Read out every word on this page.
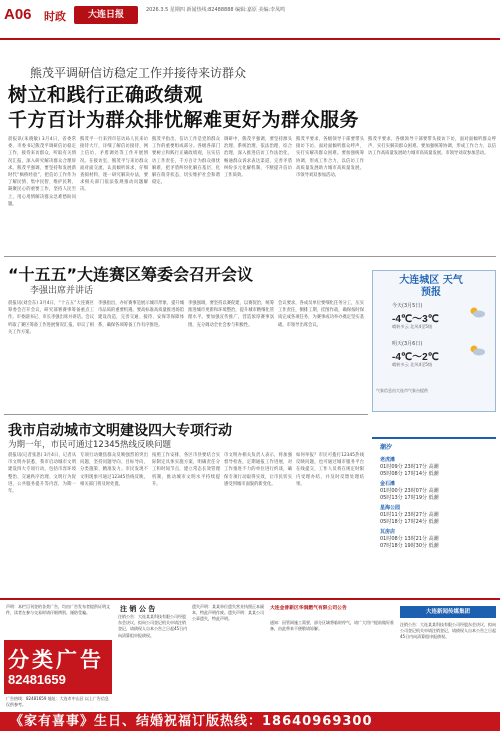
A06 时政	大连日报	2026.3.5 星期四 新闻热线:82488888 编辑:嘉原 美编:李凤鸣
熊茂平调研信访稳定工作并接待来访群众
树立和践行正确政绩观
千方百计为群众排忧解难更好为群众服务
晨报讯(朱晓敏) 3月4日，省委常委、市委书记熊茂平调研信访稳定工作，接待来访群众，听取有关情况汇报，深入研究解决群众合理诉求。熊茂平强调，要坚持和发展新时代“枫桥经验”，把信访工作作为了解民情、集中民智、维护民利、凝聚民心的重要工作，坚持人民至上，用心用情解决群众急难愁盼问题。
熊茂平一行来到市信访局人民来访接待大厅，详细了解信访接待、网上信访、矛盾调处等工作开展情况。在接访室，熊茂平与来访群众面对面交流，认真倾听诉求，仔细查阅材料，逐一研究解决办法，要求相关部门依法依规推动问题解决。
熊茂平指出，信访工作是党的群众工作的重要组成部分。各级各部门要树立和践行正确政绩观，压实信访工作责任，千方百计为群众排忧解难，把矛盾纠纷化解在基层、化解在萌芽状态，切实维护社会和谐稳定。
调研中，熊茂平强调，要坚持源头治理、系统治理、依法治理、综合治理，深入推进信访工作法治化，畅通群众诉求表达渠道，完善矛盾纠纷多元化解机制，不断提升信访工作质效。
熊茂平要求，各级领导干部要带头接访下访，面对面倾听群众呼声，实打实解决群众困难。要加强统筹协调，形成工作合力，以信访工作高质量发展助力城市高质量发展。市领导刘双参加活动。
熊茂平要求，各级领导干部要带头接访下访，面对面倾听群众呼声，实打实解决群众困难。要加强统筹协调，形成工作合力，以信访工作高质量发展助力城市高质量发展。市领导刘双参加活动。
“十五五”大连赛区筹委会召开会议
李强出席并讲话
晨报讯(刘会东) 3月4日，“十五五”大连赛区筹委会召开会议，研究部署赛事筹备重点工作。市委副书记、市长李强出席并讲话。会议听取了赛区筹备工作进展情况汇报，审议了相关工作方案。
李强指出，办好赛事是展示城市形象、提升城市品质的重要机遇。要高标准高质量推进场馆建设改造，完善交通、接待、安保等保障体系，确保各项筹备工作有序推进。
李强强调，要坚持以赛促建、以赛促治，统筹推进城市更新和环境整治，提升城市精细化管理水平。要加强宣传推广，营造浓厚赛事氛围，充分调动全社会参与积极性。
会议要求，各成员单位要细化任务分工，压实工作责任，倒排工期、挂图作战，确保按时保质完成各项任务，为赛事成功举办奠定坚实基础。市领导出席会议。
大连城区 天气预报
今天(3月5日)
-4℃～3℃
晴转多云 北风4至5级
明天(3月6日)
-4℃～2℃
晴转多云 北风4至5级
气象信息由大连市气象台提供
我市启动城市文明建设四大专项行动
为期一年，市民可通过12345热线反映问题
晨报讯(记者张思) 3月4日，记者从市文明办获悉，我市启动城市文明建设四大专项行动，包括市容环境整治、交通秩序治理、文明行为促进、公共服务提升等内容，为期一年。
专项行动聚焦群众反映强烈的突出问题，坚持问题导向、目标导向，分类施策、精准发力。市民发现不文明现象可通过12345热线反映，相关部门将及时处置。
按照工作安排，各区市县要结合实际制定具体实施方案，明确责任分工和时间节点，建立常态长效管理机制，推动城市文明水平持续提升。
市文明办相关负责人表示，将加强督导检查，定期通报工作进展，对工作推进不力的单位进行约谈，确保专项行动取得实效，让市民切实感受到城市面貌的新变化。
如何举报？市民可拨打12345热线反映问题，也可通过城市服务平台在线提交，工作人员将在规定时限内受理办结，并及时反馈处理结果。
潮汐
老虎滩
01时09分 23时17分 高潮
05时08分 17时14分 低潮
金石滩
01时00分 23时07分 高潮
05时13分 17时19分 低潮
星海公园
01时11分 23时27分 高潮
05时18分 17时24分 低潮
瓦房店
01时08分 13时21分 高潮
07时18分 19时30分 低潮
声明：本栏目刊登的各类广告，均由广告发布者提供证明文件，读者在参与交易时请仔细辨别，谨防受骗。
分类广告
82481659
广告热线：82481659 地址：大连市中山区 以上广告信息仅供参考。
注 销 公 告
注销公告：大连某某科技有限公司经股东会决议，拟向公司登记机关申请注销登记，请债权人自本公告之日起45日内向清算组申报债权。
遗失声明：某某单位遗失营业执照正本副本，特此声明作废。遗失声明：某某公司公章遗失，特此声明。
大连金普新区华润燃气有限公司公告
通知：因管网施工需要，部分区域将临时停气，请广大用户提前做好准备，由此带来不便敬请谅解。
大连新闻传媒集团
注销公告：大连某某科技有限公司经股东会决议，拟向公司登记机关申请注销登记，请债权人自本公告之日起45日内向清算组申报债权。
《家有喜事》生日、结婚祝福订版热线：18640969300
